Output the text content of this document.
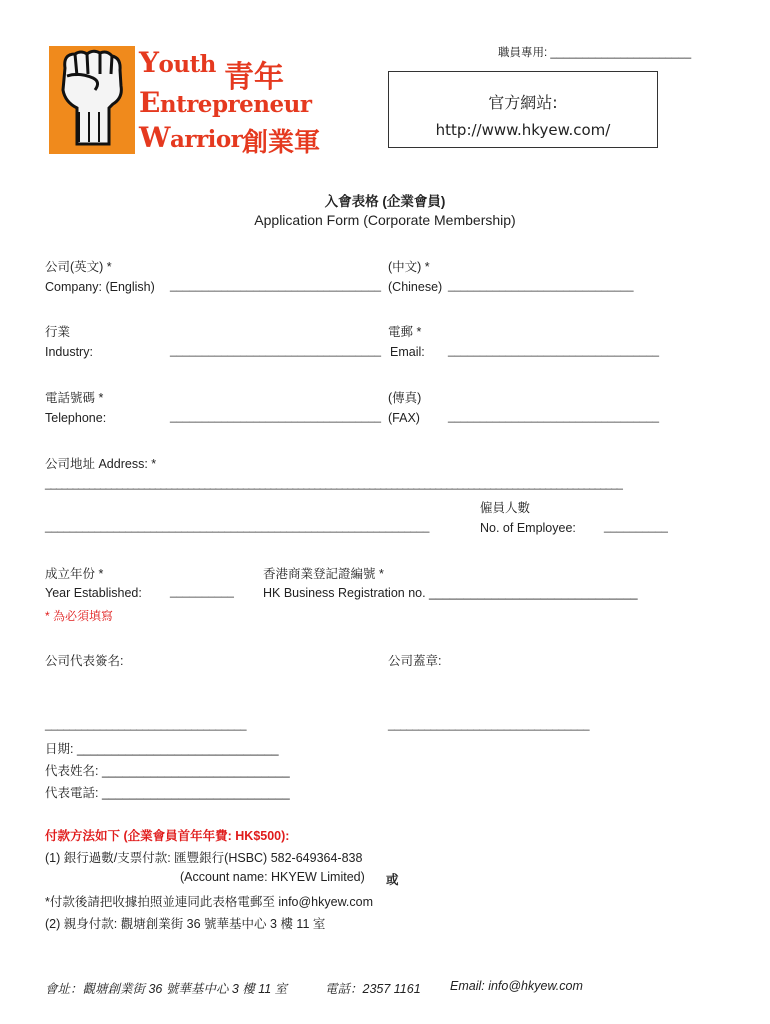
職員專用: ______________________
Youth 青年
Entrepreneur
Warrior 創業軍
官方網站:
http://www.hkyew.com/
入會表格 (企業會員)
Application Form (Corporate Membership)
公司(英文) *	(中文) *
Company: (English) _________________________________ (Chinese) _____________________________
行業	電郵 *
Industry:	_________________________________ Email: _________________________________
電話號碼 *	(傳真)
Telephone:	_________________________________ (FAX) _________________________________
公司地址 Address: *
_________________________________________________________________________________________________________
僱員人數
______________________________________________________________	No. of Employee: __________
成立年份 *	香港商業登記證編號 *
Year Established: __________ HK Business Registration no. ______________________________
* 為必須填寫
公司代表簽名:	公司蓋章:
_________________________________	_________________________________
日期: _____________________________
代表姓名: ___________________________
代表電話: ___________________________
付款方法如下 (企業會員首年年費: HK$500):
(1) 銀行過數/支票付款: 匯豐銀行(HSBC) 582-649364-838
(Account name: HKYEW Limited) 或
*付款後請把收據拍照並連同此表格電郵至 info@hkyew.com
(2) 親身付款: 觀塘創業街 36 號華基中心 3 樓 11 室
會址：觀塘創業街 36 號華基中心 3 樓 11 室	電話：2357 1161 Email: info@hkyew.com
